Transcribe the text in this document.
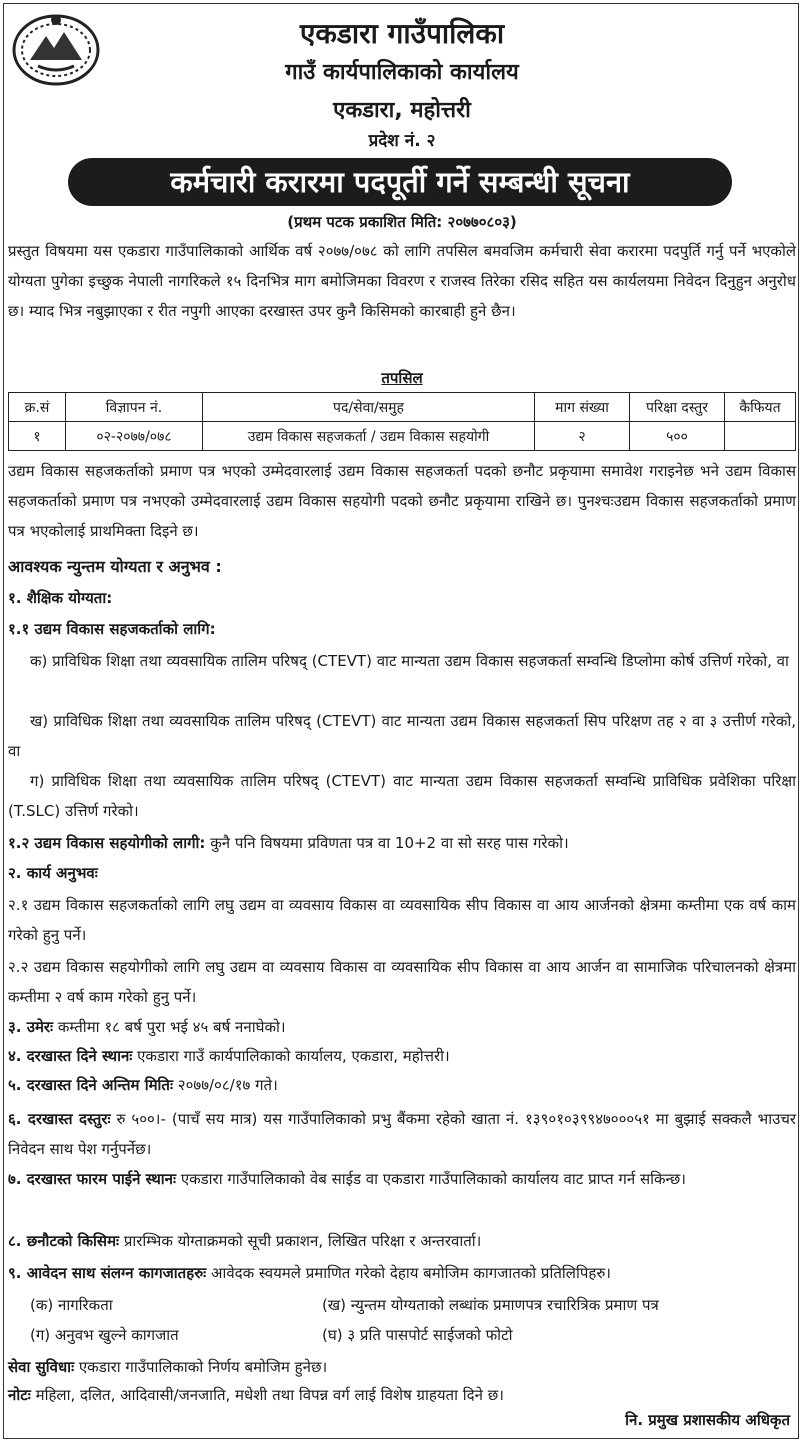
एकडारा गाउँपालिका
गाउँ कार्यपालिकाको कार्यालय
एकडारा, महोत्तरी
प्रदेश नं. २
कर्मचारी करारमा पदपूर्ती गर्ने सम्बन्धी सूचना
(प्रथम पटक प्रकाशित मिति: २०७७०८०३)
प्रस्तुत विषयमा यस एकडारा गाउँपालिकाको आर्थिक वर्ष २०७७/०७८ को लागि तपसिल बमवजिम कर्मचारी सेवा करारमा पदपुर्ति गर्नु पर्ने भएकोले योग्यता पुगेका इच्छुक नेपाली नागरिकले १५ दिनभित्र माग बमोजिमका विवरण र राजस्व तिरेका रसिद सहित यस कार्यलयमा निवेदन दिनुहुन अनुरोध छ। म्याद भित्र नबुझाएका र रीत नपुगी आएका दरखास्त उपर कुनै किसिमको कारबाही हुने छैन।
तपसिल
क्र.सं	विज्ञापन नं.	पद/सेवा/समुह	माग संख्या	परिक्षा दस्तुर	कैफियत
१	०२-२०७७/०७८	उद्यम विकास सहजकर्ता / उद्यम विकास सहयोगी	२	५००	
उद्यम विकास सहजकर्ताको प्रमाण पत्र भएको उम्मेदवारलाई उद्यम विकास सहजकर्ता पदको छनौट प्रकृयामा समावेश गराइनेछ भने उद्यम विकास सहजकर्ताको प्रमाण पत्र नभएको उम्मेदवारलाई उद्यम विकास सहयोगी पदको छनौट प्रकृयामा राखिने छ। पुनश्चःउद्यम विकास सहजकर्ताको प्रमाण पत्र भएकोलाई प्राथमिक्ता दिइने छ।
आवश्यक न्युन्तम योग्यता र अनुभव :
१. शैक्षिक योग्यता:
१.१ उद्यम विकास सहजकर्ताको लागि:
क) प्राविधिक शिक्षा तथा व्यवसायिक तालिम परिषद् (CTEVT) वाट मान्यता उद्यम विकास सहजकर्ता सम्वन्धि डिप्लोमा कोर्ष उत्तिर्ण गरेको, वा
ख) प्राविधिक शिक्षा तथा व्यवसायिक तालिम परिषद् (CTEVT) वाट मान्यता उद्यम विकास सहजकर्ता सिप परिक्षण तह २ वा ३ उत्तीर्ण गरेको, वा
ग) प्राविधिक शिक्षा तथा व्यवसायिक तालिम परिषद् (CTEVT) वाट मान्यता उद्यम विकास सहजकर्ता सम्वन्धि प्राविधिक प्रवेशिका परिक्षा (T.SLC) उत्तिर्ण गरेको।
१.२ उद्यम विकास सहयोगीको लागी: कुनै पनि विषयमा प्रविणता पत्र वा 10+2 वा सो सरह पास गरेको।
२. कार्य अनुभवः
२.१ उद्यम विकास सहजकर्ताको लागि लघु उद्यम वा व्यवसाय विकास वा व्यवसायिक सीप विकास वा आय आर्जनको क्षेत्रमा कम्तीमा एक वर्ष काम गरेको हुनु पर्ने।
२.२ उद्यम विकास सहयोगीको लागि लघु उद्यम वा व्यवसाय विकास वा व्यवसायिक सीप विकास वा आय आर्जन वा सामाजिक परिचालनको क्षेत्रमा कम्तीमा २ वर्ष काम गरेको हुनु पर्ने।
३. उमेरः कम्तीमा १८ बर्ष पुरा भई ४५ बर्ष ननाघेको।
४. दरखास्त दिने स्थानः एकडारा गाउँ कार्यपालिकाको कार्यालय, एकडारा, महोत्तरी।
५. दरखास्त दिने अन्तिम मितिः २०७७/०८/१७ गते।
६. दरखास्त दस्तुरः रु ५००।- (पाचँ सय मात्र) यस गाउँपालिकाको प्रभु बैंकमा रहेको खाता नं. १३९०१०३९९४७०००५१ मा बुझाई सक्कलै भाउचर निवेदन साथ पेश गर्नुपर्नेछ।
७. दरखास्त फारम पाईने स्थानः एकडारा गाउँपालिकाको वेब साईड वा एकडारा गाउँपालिकाको कार्यालय वाट प्राप्त गर्न सकिन्छ।
८. छनौटको किसिमः प्रारम्भिक योग्ताक्रमको सूची प्रकाशन, लिखित परिक्षा र अन्तरवार्ता।
९. आवेदन साथ संलग्न कागजातहरुः आवेदक स्वयमले प्रमाणित गरेको देहाय बमोजिम कागजातको प्रतिलिपिहरु।
(क) नागरिकता	(ख) न्युन्तम योग्यताको लब्धांक प्रमाणपत्र रचारित्रिक प्रमाण पत्र
(ग) अनुवभ खुल्ने कागजात	(घ) ३ प्रति पासपोर्ट साईजको फोटो
सेवा सुविधाः एकडारा गाउँपालिकाको निर्णय बमोजिम हुनेछ।
नोटः महिला, दलित, आदिवासी/जनजाति, मधेशी तथा विपन्न वर्ग लाई विशेष ग्राहयता दिने छ।
नि. प्रमुख प्रशासकीय अधिकृत
